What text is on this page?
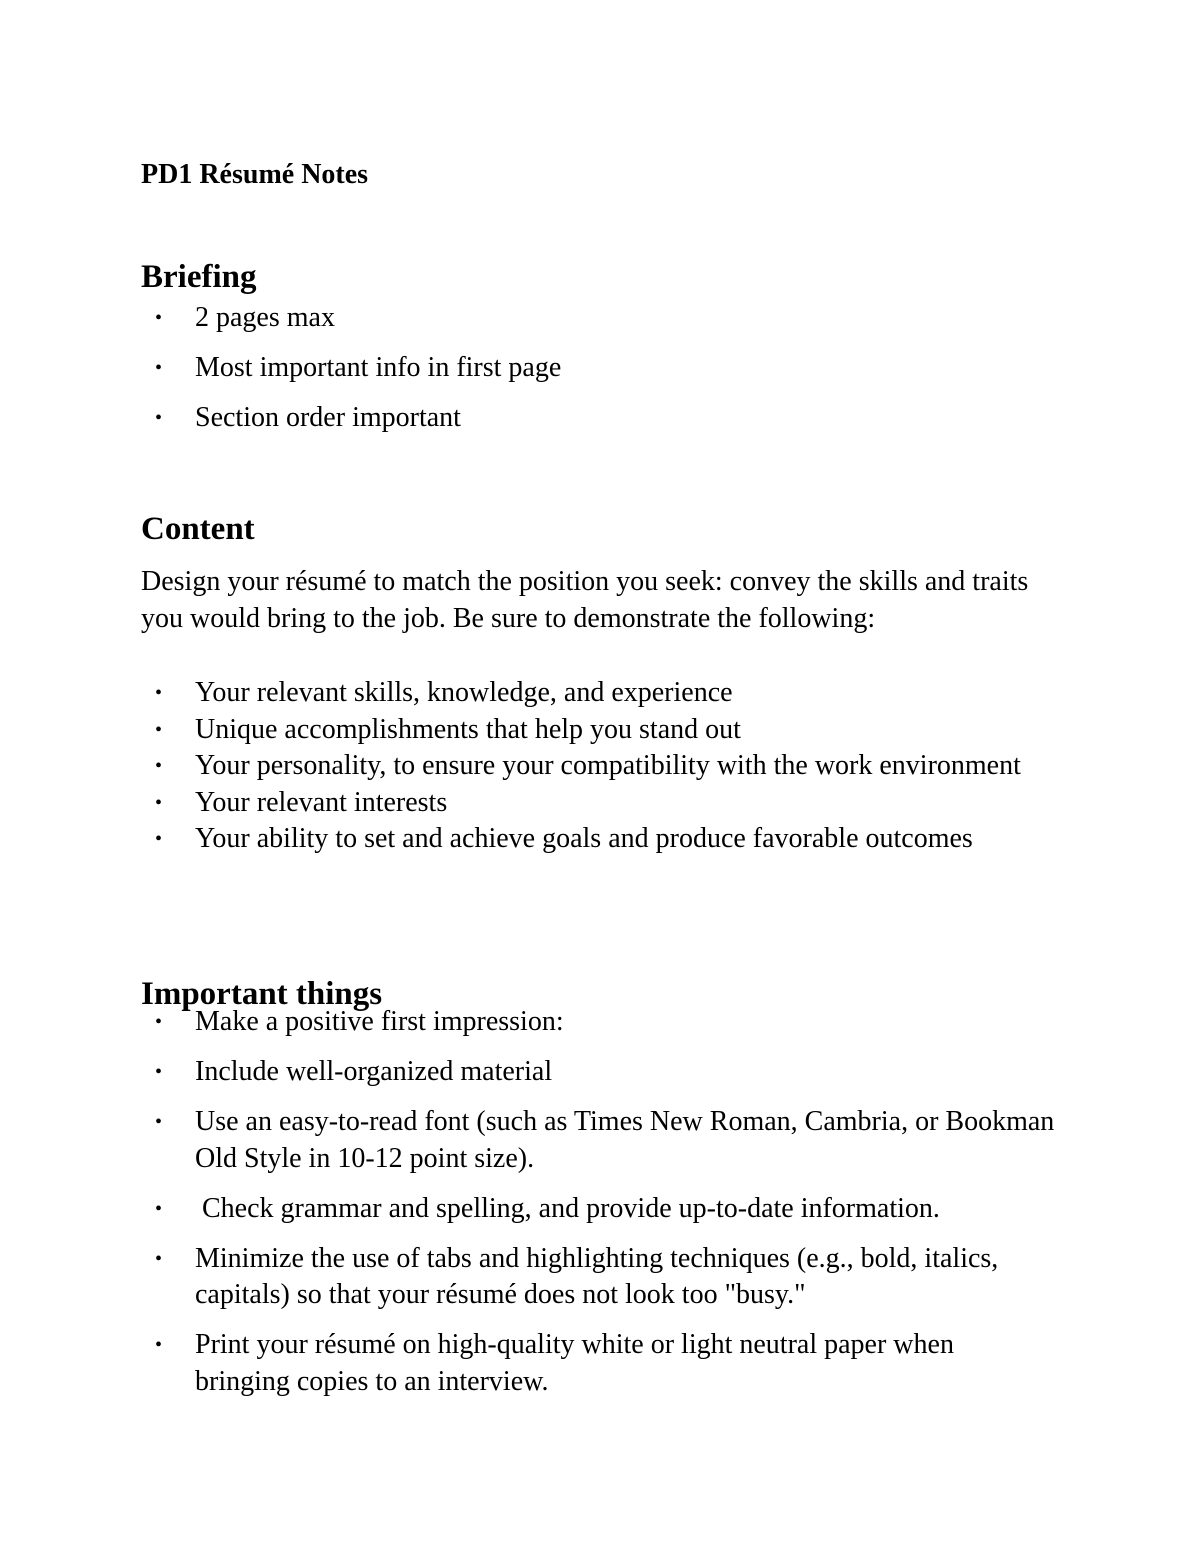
PD1 Résumé Notes
Briefing
• 2 pages max
• Most important info in first page
• Section order important
Content

Design your résumé to match the position you seek: convey the skills and traits you would bring to the job. Be sure to demonstrate the following:

• Your relevant skills, knowledge, and experience
• Unique accomplishments that help you stand out
• Your personality, to ensure your compatibility with the work environment
• Your relevant interests
• Your ability to set and achieve goals and produce favorable outcomes
Important things
• Make a positive first impression:
• Include well-organized material
• Use an easy-to-read font (such as Times New Roman, Cambria, or Bookman Old Style in 10-12 point size).
• Check grammar and spelling, and provide up-to-date information.
• Minimize the use of tabs and highlighting techniques (e.g., bold, italics, capitals) so that your résumé does not look too "busy."
• Print your résumé on high-quality white or light neutral paper when bringing copies to an interview.
